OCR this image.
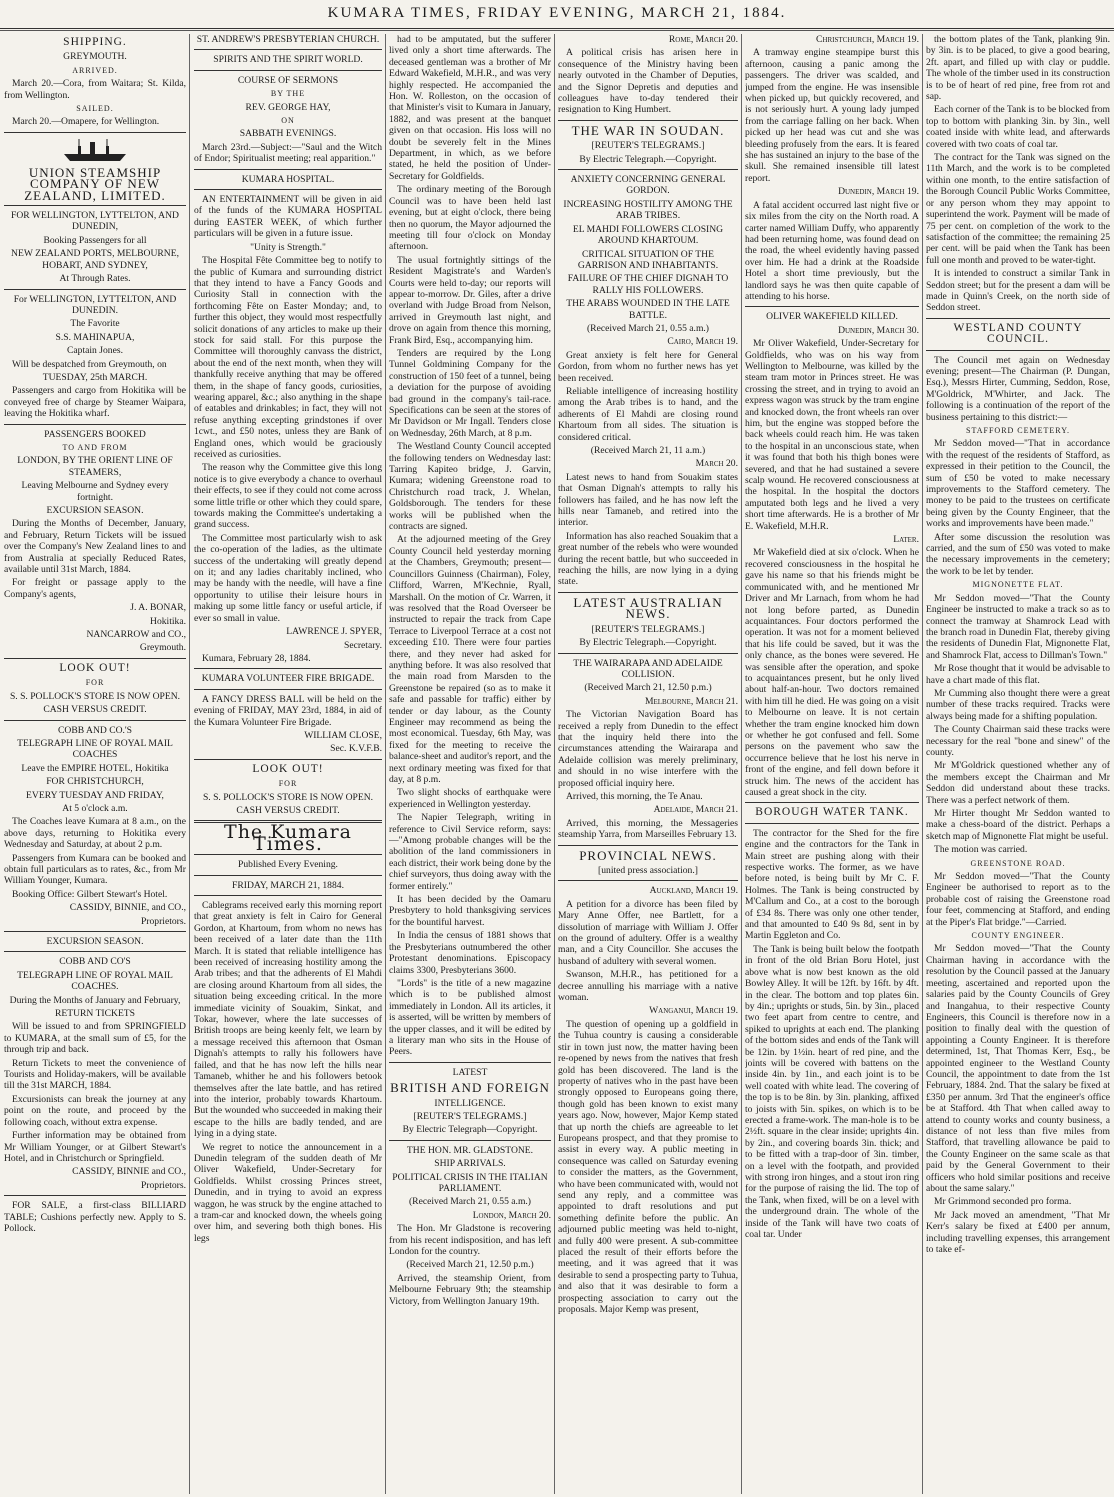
KUMARA TIMES, FRIDAY EVENING, MARCH 21, 1884.
SHIPPING.

GREYMOUTH.

ARRIVED.

March 20.—Cora, from Waitara; St. Kilda, from Wellington.

SAILED.

March 20.—Omapere, for Wellington.

UNION STEAMSHIP COMPANY OF NEW ZEALAND, LIMITED.

FOR WELLINGTON, LYTTELTON, AND DUNEDIN,

Booking Passengers for all

NEW ZEALAND PORTS, MELBOURNE, HOBART, AND SYDNEY,

At Through Rates.

For WELLINGTON, LYTTELTON, AND DUNEDIN.

The Favorite

S.S. MAHINAPUA,

Captain Jones.

Will be despatched from Greymouth, on

TUESDAY, 25th MARCH.

Passengers and cargo from Hokitika will be conveyed free of charge by Steamer Waipara, leaving the Hokitika wharf.

PASSENGERS BOOKED

TO AND FROM

LONDON, BY THE ORIENT LINE OF STEAMERS,

Leaving Melbourne and Sydney every fortnight.

EXCURSION SEASON.

During the Months of December, January, and February, Return Tickets will be issued over the Company's New Zealand lines to and from Australia at specially Reduced Rates, available until 31st March, 1884.

For freight or passage apply to the Company's agents,

J. A. BONAR,

Hokitika.

NANCARROW and CO.,

Greymouth.

LOOK OUT!

FOR

S. S. POLLOCK'S STORE IS NOW OPEN.

CASH VERSUS CREDIT.

COBB AND CO.'S

TELEGRAPH LINE OF ROYAL MAIL COACHES

Leave the EMPIRE HOTEL, Hokitika

FOR CHRISTCHURCH,

EVERY TUESDAY AND FRIDAY,

At 5 o'clock a.m.

The Coaches leave Kumara at 8 a.m., on the above days, returning to Hokitika every Wednesday and Saturday, at about 2 p.m.

Passengers from Kumara can be booked and obtain full particulars as to rates, &c., from Mr William Younger, Kumara.

Booking Office: Gilbert Stewart's Hotel.

CASSIDY, BINNIE, and CO.,

Proprietors.

EXCURSION SEASON.

COBB AND CO'S

TELEGRAPH LINE OF ROYAL MAIL COACHES.

During the Months of January and February,

RETURN TICKETS

Will be issued to and from SPRINGFIELD to KUMARA, at the small sum of £5, for the through trip and back.

Return Tickets to meet the convenience of Tourists and Holiday-makers, will be available till the 31st MARCH, 1884.

Excursionists can break the journey at any point on the route, and proceed by the following coach, without extra expense.

Further information may be obtained from Mr William Younger, or at Gilbert Stewart's Hotel, and in Christchurch or Springfield.

CASSIDY, BINNIE and CO.,

Proprietors.

FOR SALE, a first-class BILLIARD TABLE; Cushions perfectly new. Apply to S. Pollock.

ST. ANDREW'S PRESBYTERIAN CHURCH.

SPIRITS AND THE SPIRIT WORLD.

COURSE OF SERMONS

BY THE

REV. GEORGE HAY,

ON

SABBATH EVENINGS.

March 23rd.—Subject:—"Saul and the Witch of Endor; Spiritualist meeting; real apparition."

KUMARA HOSPITAL.

AN ENTERTAINMENT will be given in aid of the funds of the KUMARA HOSPITAL during EASTER WEEK, of which further particulars will be given in a future issue.

"Unity is Strength."

The Hospital Fête Committee beg to notify to the public of Kumara and surrounding district that they intend to have a Fancy Goods and Curiosity Stall in connection with the forthcoming Fête on Easter Monday; and, to further this object, they would most respectfully solicit donations of any articles to make up their stock for said stall. For this purpose the Committee will thoroughly canvass the district, about the end of the next month, when they will thankfully receive anything that may be offered them, in the shape of fancy goods, curiosities, wearing apparel, &c.; also anything in the shape of eatables and drinkables; in fact, they will not refuse anything excepting grindstones if over 1cwt., and £50 notes, unless they are Bank of England ones, which would be graciously received as curiosities.

The reason why the Committee give this long notice is to give everybody a chance to overhaul their effects, to see if they could not come across some little trifle or other which they could spare, towards making the Committee's undertaking a grand success.

The Committee most particularly wish to ask the co-operation of the ladies, as the ultimate success of the undertaking will greatly depend on it; and any ladies charitably inclined, who may be handy with the needle, will have a fine opportunity to utilise their leisure hours in making up some little fancy or useful article, if ever so small in value.

LAWRENCE J. SPYER,

Secretary.

Kumara, February 28, 1884.

KUMARA VOLUNTEER FIRE BRIGADE.

A FANCY DRESS BALL will be held on the evening of FRIDAY, MAY 23rd, 1884, in aid of the Kumara Volunteer Fire Brigade.

WILLIAM CLOSE,

Sec. K.V.F.B.

LOOK OUT!

FOR

S. S. POLLOCK'S STORE IS NOW OPEN.

CASH VERSUS CREDIT.

The Kumara Times.

Published Every Evening.

FRIDAY, MARCH 21, 1884.

Cablegrams received early this morning report that great anxiety is felt in Cairo for General Gordon, at Khartoum, from whom no news has been received of a later date than the 11th March. It is stated that reliable intelligence has been received of increasing hostility among the Arab tribes; and that the adherents of El Mahdi are closing around Khartoum from all sides, the situation being exceeding critical. In the more immediate vicinity of Souakim, Sinkat, and Tokar, however, where the late successes of British troops are being keenly felt, we learn by a message received this afternoon that Osman Dignah's attempts to rally his followers have failed, and that he has now left the hills near Tamaneb, whither he and his followers betook themselves after the late battle, and has retired into the interior, probably towards Khartoum. But the wounded who succeeded in making their escape to the hills are badly tended, and are lying in a dying state.

We regret to notice the announcement in a Dunedin telegram of the sudden death of Mr Oliver Wakefield, Under-Secretary for Goldfields. Whilst crossing Princes street, Dunedin, and in trying to avoid an express waggon, he was struck by the engine attached to a tram-car and knocked down, the wheels going over him, and severing both thigh bones. His legs

had to be amputated, but the sufferer lived only a short time afterwards. The deceased gentleman was a brother of Mr Edward Wakefield, M.H.R., and was very highly respected. He accompanied the Hon. W. Rolleston, on the occasion of that Minister's visit to Kumara in January, 1882, and was present at the banquet given on that occasion. His loss will no doubt be severely felt in the Mines Department, in which, as we before stated, he held the position of Under-Secretary for Goldfields.

The ordinary meeting of the Borough Council was to have been held last evening, but at eight o'clock, there being then no quorum, the Mayor adjourned the meeting till four o'clock on Monday afternoon.

The usual fortnightly sittings of the Resident Magistrate's and Warden's Courts were held to-day; our reports will appear to-morrow. Dr. Giles, after a drive overland with Judge Broad from Nelson, arrived in Greymouth last night, and drove on again from thence this morning, Frank Bird, Esq., accompanying him.

Tenders are required by the Long Tunnel Goldmining Company for the construction of 150 feet of a tunnel, being a deviation for the purpose of avoiding bad ground in the company's tail-race. Specifications can be seen at the stores of Mr Davidson or Mr Ingall. Tenders close on Wednesday, 26th March, at 8 p.m.

The Westland County Council accepted the following tenders on Wednesday last: Tarring Kapiteo bridge, J. Garvin, Kumara; widening Greenstone road to Christchurch road track, J. Whelan, Goldsborough. The tenders for these works will be published when the contracts are signed.

At the adjourned meeting of the Grey County Council held yesterday morning at the Chambers, Greymouth; present—Councillors Guinness (Chairman), Foley, Clifford, Warren, M'Kechnie, Ryall, Marshall. On the motion of Cr. Warren, it was resolved that the Road Overseer be instructed to repair the track from Cape Terrace to Liverpool Terrace at a cost not exceeding £10. There were four parties there, and they never had asked for anything before. It was also resolved that the main road from Marsden to the Greenstone be repaired (so as to make it safe and passable for traffic) either by tender or day labour, as the County Engineer may recommend as being the most economical. Tuesday, 6th May, was fixed for the meeting to receive the balance-sheet and auditor's report, and the next ordinary meeting was fixed for that day, at 8 p.m.

Two slight shocks of earthquake were experienced in Wellington yesterday.

The Napier Telegraph, writing in reference to Civil Service reform, says:—"Among probable changes will be the abolition of the land commissioners in each district, their work being done by the chief surveyors, thus doing away with the former entirely."

It has been decided by the Oamaru Presbytery to hold thanksgiving services for the bountiful harvest.

In India the census of 1881 shows that the Presbyterians outnumbered the other Protestant denominations. Episcopacy claims 3300, Presbyterians 3600.

"Lords" is the title of a new magazine which is to be published almost immediately in London. All its articles, it is asserted, will be written by members of the upper classes, and it will be edited by a literary man who sits in the House of Peers.

LATEST

BRITISH AND FOREIGN

INTELLIGENCE.

[REUTER'S TELEGRAMS.]

By Electric Telegraph—Copyright.

THE HON. MR. GLADSTONE.

SHIP ARRIVALS.

POLITICAL CRISIS IN THE ITALIAN PARLIAMENT.

(Received March 21, 0.55 a.m.)

London, March 20.

The Hon. Mr Gladstone is recovering from his recent indisposition, and has left London for the country.

(Received March 21, 12.50 p.m.)

Arrived, the steamship Orient, from Melbourne February 9th; the steamship Victory, from Wellington January 19th.

Rome, March 20.

A political crisis has arisen here in consequence of the Ministry having been nearly outvoted in the Chamber of Deputies, and the Signor Depretis and deputies and colleagues have to-day tendered their resignation to King Humbert.

THE WAR IN SOUDAN.

[REUTER'S TELEGRAMS.]

By Electric Telegraph.—Copyright.

ANXIETY CONCERNING GENERAL GORDON.

INCREASING HOSTILITY AMONG THE ARAB TRIBES.

EL MAHDI FOLLOWERS CLOSING AROUND KHARTOUM.

CRITICAL SITUATION OF THE GARRISON AND INHABITANTS.

FAILURE OF THE CHIEF DIGNAH TO RALLY HIS FOLLOWERS.

THE ARABS WOUNDED IN THE LATE BATTLE.

(Received March 21, 0.55 a.m.)

Cairo, March 19.

Great anxiety is felt here for General Gordon, from whom no further news has yet been received.

Reliable intelligence of increasing hostility among the Arab tribes is to hand, and the adherents of El Mahdi are closing round Khartoum from all sides. The situation is considered critical.

(Received March 21, 11 a.m.)

March 20.

Latest news to hand from Souakim states that Osman Dignah's attempts to rally his followers has failed, and he has now left the hills near Tamaneb, and retired into the interior.

Information has also reached Souakim that a great number of the rebels who were wounded during the recent battle, but who succeeded in reaching the hills, are now lying in a dying state.

LATEST AUSTRALIAN NEWS.

[REUTER'S TELEGRAMS.]

By Electric Telegraph.—Copyright.

THE WAIRARAPA AND ADELAIDE COLLISION.

(Received March 21, 12.50 p.m.)

Melbourne, March 21.

The Victorian Navigation Board has received a reply from Dunedin to the effect that the inquiry held there into the circumstances attending the Wairarapa and Adelaide collision was merely preliminary, and should in no wise interfere with the proposed official inquiry here.

Arrived, this morning, the Te Anau.

Adelaide, March 21.

Arrived, this morning, the Messageries steamship Yarra, from Marseilles February 13.

PROVINCIAL NEWS.

[united press association.]

Auckland, March 19.

A petition for a divorce has been filed by Mary Anne Offer, nee Bartlett, for a dissolution of marriage with William J. Offer on the ground of adultery. Offer is a wealthy man, and a City Councillor. She accuses the husband of adultery with several women.

Swanson, M.H.R., has petitioned for a decree annulling his marriage with a native woman.

Wanganui, March 19.

The question of opening up a goldfield in the Tuhua country is causing a considerable stir in town just now, the matter having been re-opened by news from the natives that fresh gold has been discovered. The land is the property of natives who in the past have been strongly opposed to Europeans going there, though gold has been known to exist many years ago. Now, however, Major Kemp stated that up north the chiefs are agreeable to let Europeans prospect, and that they promise to assist in every way. A public meeting in consequence was called on Saturday evening to consider the matters, as the Government, who have been communicated with, would not send any reply, and a committee was appointed to draft resolutions and put something definite before the public. An adjourned public meeting was held to-night, and fully 400 were present. A sub-committee placed the result of their efforts before the meeting, and it was agreed that it was desirable to send a prospecting party to Tuhua, and also that it was desirable to form a prospecting association to carry out the proposals. Major Kemp was present,

Christchurch, March 19.

A tramway engine steampipe burst this afternoon, causing a panic among the passengers. The driver was scalded, and jumped from the engine. He was insensible when picked up, but quickly recovered, and is not seriously hurt. A young lady jumped from the carriage falling on her back. When picked up her head was cut and she was bleeding profusely from the ears. It is feared she has sustained an injury to the base of the skull. She remained insensible till latest report.

Dunedin, March 19.

A fatal accident occurred last night five or six miles from the city on the North road. A carter named William Duffy, who apparently had been returning home, was found dead on the road, the wheel evidently having passed over him. He had a drink at the Roadside Hotel a short time previously, but the landlord says he was then quite capable of attending to his horse.

OLIVER WAKEFIELD KILLED.

Dunedin, March 30.

Mr Oliver Wakefield, Under-Secretary for Goldfields, who was on his way from Wellington to Melbourne, was killed by the steam tram motor in Princes street. He was crossing the street, and in trying to avoid an express wagon was struck by the tram engine and knocked down, the front wheels ran over him, but the engine was stopped before the back wheels could reach him. He was taken to the hospital in an unconscious state, when it was found that both his thigh bones were severed, and that he had sustained a severe scalp wound. He recovered consciousness at the hospital. In the hospital the doctors amputated both legs and he lived a very short time afterwards. He is a brother of Mr E. Wakefield, M.H.R.

Later.

Mr Wakefield died at six o'clock. When he recovered consciousness in the hospital he gave his name so that his friends might be communicated with, and he mentioned Mr Driver and Mr Larnach, from whom he had not long before parted, as Dunedin acquaintances. Four doctors performed the operation. It was not for a moment believed that his life could be saved, but it was the only chance, as the bones were severed. He was sensible after the operation, and spoke to acquaintances present, but he only lived about half-an-hour. Two doctors remained with him till he died. He was going on a visit to Melbourne on leave. It is not certain whether the tram engine knocked him down or whether he got confused and fell. Some persons on the pavement who saw the occurrence believe that he lost his nerve in front of the engine, and fell down before it struck him. The news of the accident has caused a great shock in the city.

BOROUGH WATER TANK.

The contractor for the Shed for the fire engine and the contractors for the Tank in Main street are pushing along with their respective works. The former, as we have before noted, is being built by Mr C. F. Holmes. The Tank is being constructed by M'Callum and Co., at a cost to the borough of £34 8s. There was only one other tender, and that amounted to £40 9s 8d, sent in by Martin Eggleton and Co.

The Tank is being built below the footpath in front of the old Brian Boru Hotel, just above what is now best known as the old Bowley Alley. It will be 12ft. by 16ft. by 4ft. in the clear. The bottom and top plates 6in. by 4in.; uprights or studs, 5in. by 3in., placed two feet apart from centre to centre, and spiked to uprights at each end. The planking of the bottom sides and ends of the Tank will be 12in. by 1½in. heart of red pine, and the joints will be covered with battens on the inside 4in. by 1in., and each joint is to be well coated with white lead. The covering of the top is to be 8in. by 3in. planking, affixed to joists with 5in. spikes, on which is to be erected a frame-work. The man-hole is to be 2½ft. square in the clear inside; uprights 4in. by 2in., and covering boards 3in. thick; and to be fitted with a trap-door of 3in. timber, on a level with the footpath, and provided with strong iron hinges, and a stout iron ring for the purpose of raising the lid. The top of the Tank, when fixed, will be on a level with the underground drain. The whole of the inside of the Tank will have two coats of coal tar. Under

the bottom plates of the Tank, planking 9in. by 3in. is to be placed, to give a good bearing, 2ft. apart, and filled up with clay or puddle. The whole of the timber used in its construction is to be of heart of red pine, free from rot and sap.

Each corner of the Tank is to be blocked from top to bottom with planking 3in. by 3in., well coated inside with white lead, and afterwards covered with two coats of coal tar.

The contract for the Tank was signed on the 11th March, and the work is to be completed within one month, to the entire satisfaction of the Borough Council Public Works Committee, or any person whom they may appoint to superintend the work. Payment will be made of 75 per cent. on completion of the work to the satisfaction of the committee; the remaining 25 per cent. will be paid when the Tank has been full one month and proved to be water-tight.

It is intended to construct a similar Tank in Seddon street; but for the present a dam will be made in Quinn's Creek, on the north side of Seddon street.

WESTLAND COUNTY COUNCIL.

The Council met again on Wednesday evening; present—The Chairman (P. Dungan, Esq.), Messrs Hirter, Cumming, Seddon, Rose, M'Goldrick, M'Whirter, and Jack. The following is a continuation of the report of the business pertaining to this district:—

STAFFORD CEMETERY.

Mr Seddon moved—"That in accordance with the request of the residents of Stafford, as expressed in their petition to the Council, the sum of £50 be voted to make necessary improvements to the Stafford cemetery. The money to be paid to the trustees on certificate being given by the County Engineer, that the works and improvements have been made."

After some discussion the resolution was carried, and the sum of £50 was voted to make the necessary improvements in the cemetery; the work to be let by tender.

MIGNONETTE FLAT.

Mr Seddon moved—"That the County Engineer be instructed to make a track so as to connect the tramway at Shamrock Lead with the branch road in Dunedin Flat, thereby giving the residents of Dunedin Flat, Mignonette Flat, and Shamrock Flat, access to Dillman's Town."

Mr Rose thought that it would be advisable to have a chart made of this flat.

Mr Cumming also thought there were a great number of these tracks required. Tracks were always being made for a shifting population.

The County Chairman said these tracks were necessary for the real "bone and sinew" of the county.

Mr M'Goldrick questioned whether any of the members except the Chairman and Mr Seddon did understand about these tracks. There was a perfect network of them.

Mr Hirter thought Mr Seddon wanted to make a chess-board of the district. Perhaps a sketch map of Mignonette Flat might be useful.

The motion was carried.

GREENSTONE ROAD.

Mr Seddon moved—"That the County Engineer be authorised to report as to the probable cost of raising the Greenstone road four feet, commencing at Stafford, and ending at the Piper's Flat bridge."—Carried.

COUNTY ENGINEER.

Mr Seddon moved—"That the County Chairman having in accordance with the resolution by the Council passed at the January meeting, ascertained and reported upon the salaries paid by the County Councils of Grey and Inangahua, to their respective County Engineers, this Council is therefore now in a position to finally deal with the question of appointing a County Engineer. It is therefore determined, 1st, That Thomas Kerr, Esq., be appointed engineer to the Westland County Council, the appointment to date from the 1st February, 1884. 2nd. That the salary be fixed at £350 per annum. 3rd That the engineer's office be at Stafford. 4th That when called away to attend to county works and county business, a distance of not less than five miles from Stafford, that travelling allowance be paid to the County Engineer on the same scale as that paid by the General Government to their officers who hold similar positions and receive about the same salary."

Mr Grimmond seconded pro forma.

Mr Jack moved an amendment, "That Mr Kerr's salary be fixed at £400 per annum, including travelling expenses, this arrangement to take ef-
